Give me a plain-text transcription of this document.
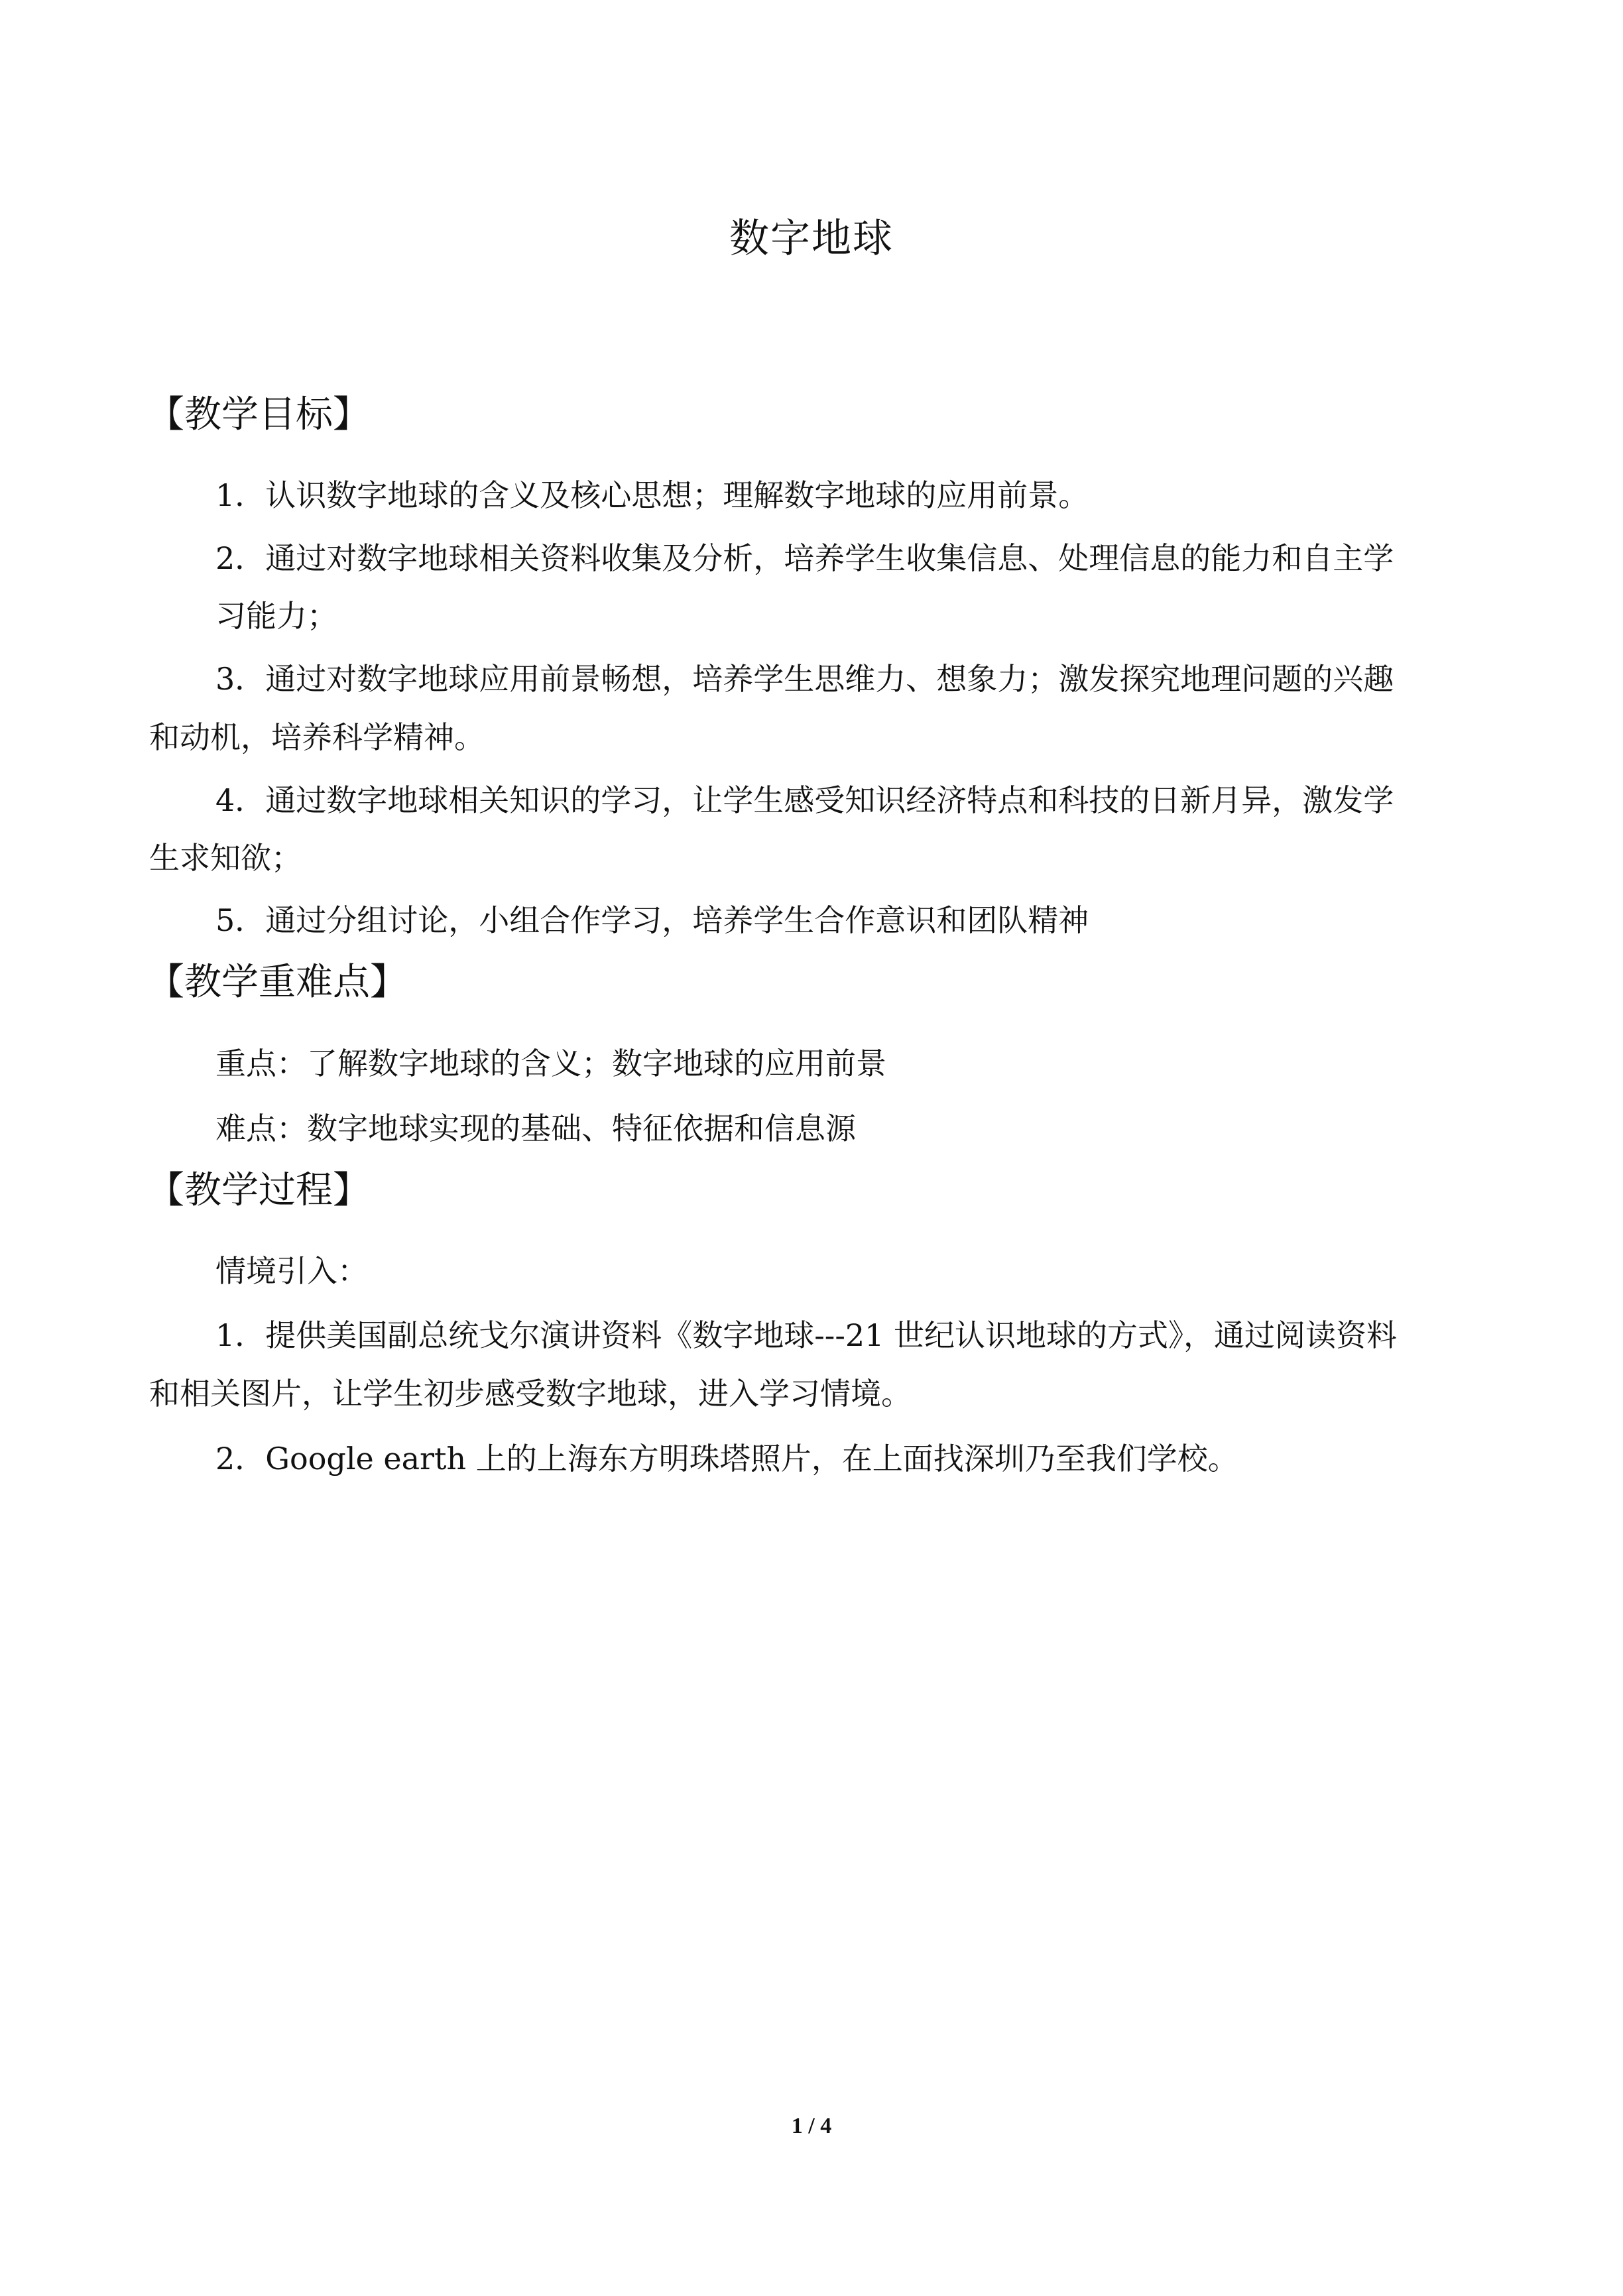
数字地球
【教学目标】
1．认识数字地球的含义及核心思想；理解数字地球的应用前景。
2．通过对数字地球相关资料收集及分析，培养学生收集信息、处理信息的能力和自主学
习能力；
3．通过对数字地球应用前景畅想，培养学生思维力、想象力；激发探究地理问题的兴趣
和动机，培养科学精神。
4．通过数字地球相关知识的学习，让学生感受知识经济特点和科技的日新月异，激发学
生求知欲；
5．通过分组讨论，小组合作学习，培养学生合作意识和团队精神
【教学重难点】
重点：了解数字地球的含义；数字地球的应用前景
难点：数字地球实现的基础、特征依据和信息源
【教学过程】
情境引入：
1．提供美国副总统戈尔演讲资料《数字地球---21 世纪认识地球的方式》，通过阅读资料
和相关图片，让学生初步感受数字地球，进入学习情境。
2．Google earth 上的上海东方明珠塔照片，在上面找深圳乃至我们学校。
1 / 4
